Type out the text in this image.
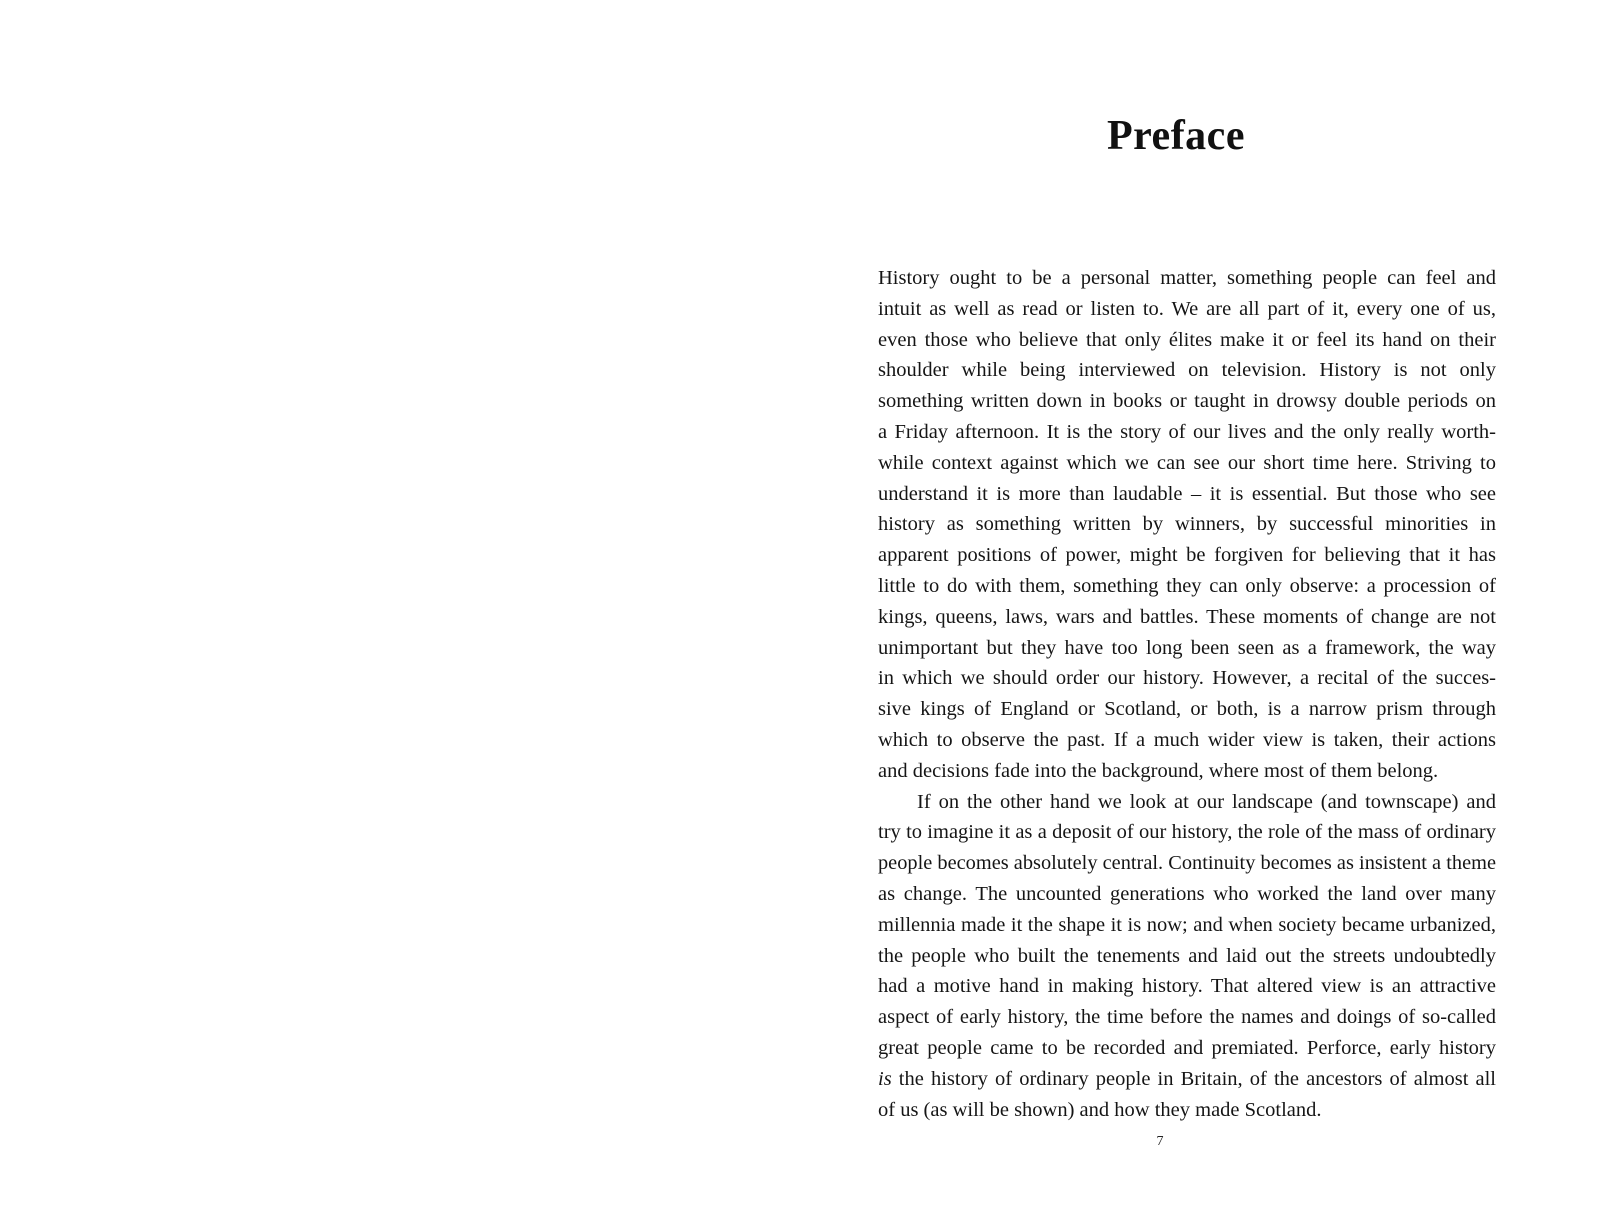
Preface

History ought to be a personal matter, something people can feel and
intuit as well as read or listen to. We are all part of it, every one of us,
even those who believe that only élites make it or feel its hand on their
shoulder while being interviewed on television. History is not only
something written down in books or taught in drowsy double periods on
a Friday afternoon. It is the story of our lives and the only really worth-
while context against which we can see our short time here. Striving to
understand it is more than laudable – it is essential. But those who see
history as something written by winners, by successful minorities in
apparent positions of power, might be forgiven for believing that it has
little to do with them, something they can only observe: a procession of
kings, queens, laws, wars and battles. These moments of change are not
unimportant but they have too long been seen as a framework, the way
in which we should order our history. However, a recital of the succes-
sive kings of England or Scotland, or both, is a narrow prism through
which to observe the past. If a much wider view is taken, their actions
and decisions fade into the background, where most of them belong.

If on the other hand we look at our landscape (and townscape) and
try to imagine it as a deposit of our history, the role of the mass of ordinary
people becomes absolutely central. Continuity becomes as insistent a theme
as change. The uncounted generations who worked the land over many
millennia made it the shape it is now; and when society became urbanized,
the people who built the tenements and laid out the streets undoubtedly
had a motive hand in making history. That altered view is an attractive
aspect of early history, the time before the names and doings of so-called
great people came to be recorded and premiated. Perforce, early history
is the history of ordinary people in Britain, of the ancestors of almost all
of us (as will be shown) and how they made Scotland.

7
